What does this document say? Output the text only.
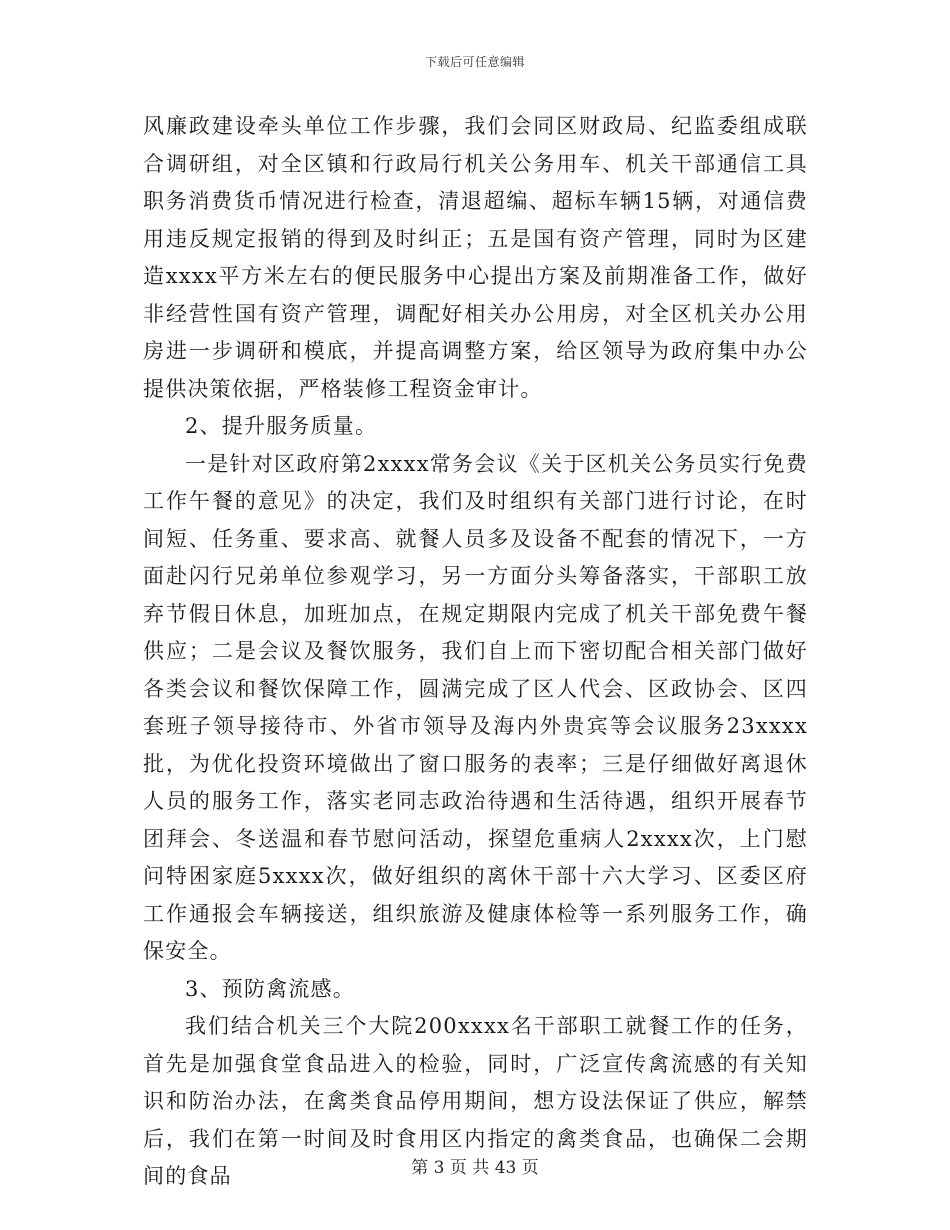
下载后可任意编辑

风廉政建设牵头单位工作步骤，我们会同区财政局、纪监委组成联合调研组，对全区镇和行政局行机关公务用车、机关干部通信工具职务消费货币情况进行检查，清退超编、超标车辆15辆，对通信费用违反规定报销的得到及时纠正；五是国有资产管理，同时为区建造xxxx平方米左右的便民服务中心提出方案及前期准备工作，做好非经营性国有资产管理，调配好相关办公用房，对全区机关办公用房进一步调研和模底，并提高调整方案，给区领导为政府集中办公提供决策依据，严格装修工程资金审计。

2、提升服务质量。

一是针对区政府第2xxxx常务会议《关于区机关公务员实行免费工作午餐的意见》的决定，我们及时组织有关部门进行讨论，在时间短、任务重、要求高、就餐人员多及设备不配套的情况下，一方面赴闪行兄弟单位参观学习，另一方面分头筹备落实，干部职工放弃节假日休息，加班加点，在规定期限内完成了机关干部免费午餐供应；二是会议及餐饮服务，我们自上而下密切配合相关部门做好各类会议和餐饮保障工作，圆满完成了区人代会、区政协会、区四套班子领导接待市、外省市领导及海内外贵宾等会议服务23xxxx批，为优化投资环境做出了窗口服务的表率；三是仔细做好离退休人员的服务工作，落实老同志政治待遇和生活待遇，组织开展春节团拜会、冬送温和春节慰问活动，探望危重病人2xxxx次，上门慰问特困家庭5xxxx次，做好组织的离休干部十六大学习、区委区府工作通报会车辆接送，组织旅游及健康体检等一系列服务工作，确保安全。

3、预防禽流感。

我们结合机关三个大院200xxxx名干部职工就餐工作的任务，首先是加强食堂食品进入的检验，同时，广泛宣传禽流感的有关知识和防治办法，在禽类食品停用期间，想方设法保证了供应，解禁后，我们在第一时间及时食用区内指定的禽类食品，也确保二会期间的食品	第 3 页 共 43 页
